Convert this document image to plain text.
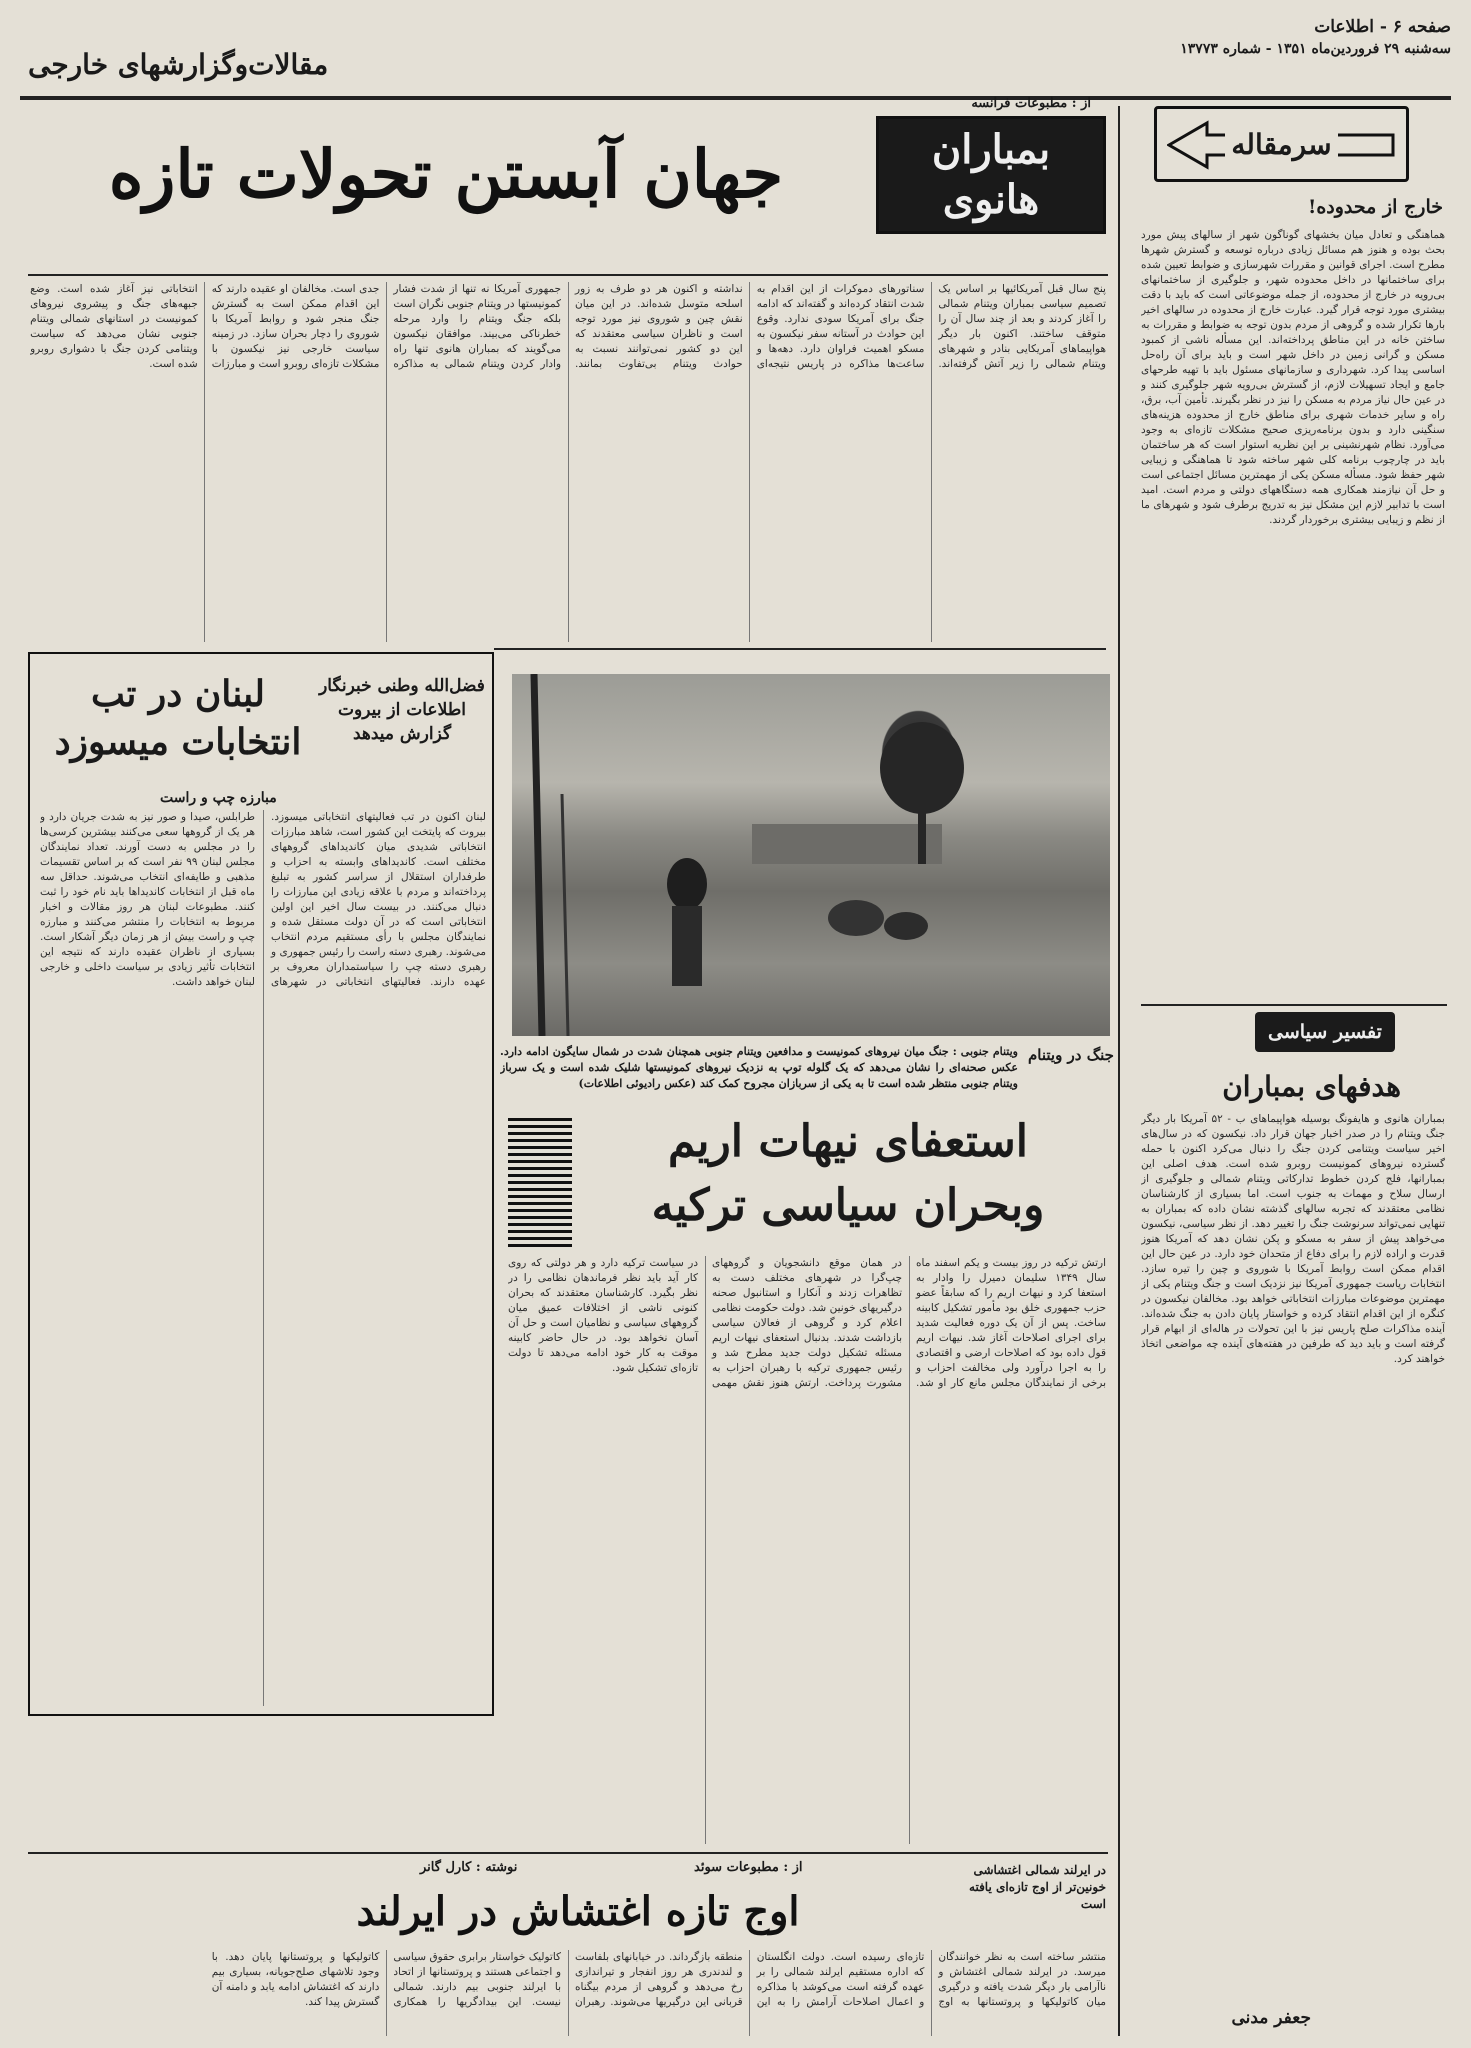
صفحه ۶ - اطلاعات
سه‌شنبه ۲۹ فروردین‌ماه ۱۳۵۱ - شماره ۱۳۷۷۳
مقالات‌وگزارشهای خارجی
سرمقاله
خارج از محدوده!
هماهنگی و تعادل میان بخشهای گوناگون شهر از سالهای پیش مورد بحث بوده و هنوز هم مسائل زیادی درباره توسعه و گسترش شهرها مطرح است. اجرای قوانین و مقررات شهرسازی و ضوابط تعیین شده برای ساختمانها در داخل محدوده شهر، و جلوگیری از ساختمانهای بی‌رویه در خارج از محدوده، از جمله موضوعاتی است که باید با دقت بیشتری مورد توجه قرار گیرد. عبارت خارج از محدوده در سالهای اخیر بارها تکرار شده و گروهی از مردم بدون توجه به ضوابط و مقررات به ساختن خانه در این مناطق پرداخته‌اند. این مسأله ناشی از کمبود مسکن و گرانی زمین در داخل شهر است و باید برای آن راه‌حل اساسی پیدا کرد. شهرداری و سازمانهای مسئول باید با تهیه طرحهای جامع و ایجاد تسهیلات لازم، از گسترش بی‌رویه شهر جلوگیری کنند و در عین حال نیاز مردم به مسکن را نیز در نظر بگیرند. تأمین آب، برق، راه و سایر خدمات شهری برای مناطق خارج از محدوده هزینه‌های سنگینی دارد و بدون برنامه‌ریزی صحیح مشکلات تازه‌ای به وجود می‌آورد. نظام شهرنشینی بر این نظریه استوار است که هر ساختمان باید در چارچوب برنامه کلی شهر ساخته شود تا هماهنگی و زیبایی شهر حفظ شود. مسأله مسکن یکی از مهمترین مسائل اجتماعی است و حل آن نیازمند همکاری همه دستگاههای دولتی و مردم است. امید است با تدابیر لازم این مشکل نیز به تدریج برطرف شود و شهرهای ما از نظم و زیبایی بیشتری برخوردار گردند.
تفسیر سیاسی
هدفهای بمباران
بمباران هانوی و هایفونگ بوسیله هواپیماهای ب - ۵۲ آمریکا بار دیگر جنگ ویتنام را در صدر اخبار جهان قرار داد. نیکسون که در سال‌های اخیر سیاست ویتنامی کردن جنگ را دنبال می‌کرد اکنون با حمله گسترده نیروهای کمونیست روبرو شده است. هدف اصلی این بمبارانها، فلج کردن خطوط تدارکاتی ویتنام شمالی و جلوگیری از ارسال سلاح و مهمات به جنوب است. اما بسیاری از کارشناسان نظامی معتقدند که تجربه سالهای گذشته نشان داده که بمباران به تنهایی نمی‌تواند سرنوشت جنگ را تغییر دهد. از نظر سیاسی، نیکسون می‌خواهد پیش از سفر به مسکو و پکن نشان دهد که آمریکا هنوز قدرت و اراده لازم را برای دفاع از متحدان خود دارد. در عین حال این اقدام ممکن است روابط آمریکا با شوروی و چین را تیره سازد. انتخابات ریاست جمهوری آمریکا نیز نزدیک است و جنگ ویتنام یکی از مهمترین موضوعات مبارزات انتخاباتی خواهد بود. مخالفان نیکسون در کنگره از این اقدام انتقاد کرده و خواستار پایان دادن به جنگ شده‌اند. آینده مذاکرات صلح پاریس نیز با این تحولات در هاله‌ای از ابهام قرار گرفته است و باید دید که طرفین در هفته‌های آینده چه مواضعی اتخاذ خواهند کرد.
جعفر مدنی
از : مطبوعات فرانسه
بمباران هانوی
جهان آبستن تحولات تازه
پنج سال قبل آمریکائیها بر اساس یک تصمیم سیاسی بمباران ویتنام شمالی را آغاز کردند و بعد از چند سال آن را متوقف ساختند. اکنون بار دیگر هواپیماهای آمریکایی بنادر و شهرهای ویتنام شمالی را زیر آتش گرفته‌اند. سناتورهای دموکرات از این اقدام به شدت انتقاد کرده‌اند و گفته‌اند که ادامه جنگ برای آمریکا سودی ندارد. وقوع این حوادث در آستانه سفر نیکسون به مسکو اهمیت فراوان دارد. دهه‌ها و ساعت‌ها مذاکره در پاریس نتیجه‌ای نداشته و اکنون هر دو طرف به زور اسلحه متوسل شده‌اند. در این میان نقش چین و شوروی نیز مورد توجه است و ناظران سیاسی معتقدند که این دو کشور نمی‌توانند نسبت به حوادث ویتنام بی‌تفاوت بمانند. جمهوری آمریکا نه تنها از شدت فشار کمونیستها در ویتنام جنوبی نگران است بلکه جنگ ویتنام را وارد مرحله خطرناکی می‌بیند. موافقان نیکسون می‌گویند که بمباران هانوی تنها راه وادار کردن ویتنام شمالی به مذاکره جدی است. مخالفان او عقیده دارند که این اقدام ممکن است به گسترش جنگ منجر شود و روابط آمریکا با شوروی را دچار بحران سازد. در زمینه سیاست خارجی نیز نیکسون با مشکلات تازه‌ای روبرو است و مبارزات انتخاباتی نیز آغاز شده است. وضع جبهه‌های جنگ و پیشروی نیروهای کمونیست در استانهای شمالی ویتنام جنوبی نشان می‌دهد که سیاست ویتنامی کردن جنگ با دشواری روبرو شده است.
جنگ در ویتنام
ویتنام جنوبی : جنگ میان نیروهای کمونیست و مدافعین ویتنام جنوبی همچنان شدت در شمال سایگون ادامه دارد. عکس صحنه‌ای را نشان می‌دهد که یک گلوله توپ به نزدیک نیروهای کمونیستها شلیک شده است و یک سرباز ویتنام جنوبی منتظر شده است تا به یکی از سربازان مجروح کمک کند (عکس رادیوئی اطلاعات)
فضل‌الله وطنی خبرنگار اطلاعات از بیروت گزارش میدهد
لبنان در تب
انتخابات میسوزد
مبارزه چپ و راست
لبنان اکنون در تب فعالیتهای انتخاباتی میسوزد. بیروت که پایتخت این کشور است، شاهد مبارزات انتخاباتی شدیدی میان کاندیداهای گروههای مختلف است. کاندیداهای وابسته به احزاب و طرفداران استقلال از سراسر کشور به تبلیغ پرداخته‌اند و مردم با علاقه زیادی این مبارزات را دنبال می‌کنند. در بیست سال اخیر این اولین انتخاباتی است که در آن دولت مستقل شده و نمایندگان مجلس با رأی مستقیم مردم انتخاب می‌شوند. رهبری دسته راست را رئیس جمهوری و رهبری دسته چپ را سیاستمداران معروف بر عهده دارند. فعالیتهای انتخاباتی در شهرهای طرابلس، صیدا و صور نیز به شدت جریان دارد و هر یک از گروهها سعی می‌کنند بیشترین کرسی‌ها را در مجلس به دست آورند. تعداد نمایندگان مجلس لبنان ۹۹ نفر است که بر اساس تقسیمات مذهبی و طایفه‌ای انتخاب می‌شوند. حداقل سه ماه قبل از انتخابات کاندیداها باید نام خود را ثبت کنند. مطبوعات لبنان هر روز مقالات و اخبار مربوط به انتخابات را منتشر می‌کنند و مبارزه چپ و راست بیش از هر زمان دیگر آشکار است. بسیاری از ناظران عقیده دارند که نتیجه این انتخابات تأثیر زیادی بر سیاست داخلی و خارجی لبنان خواهد داشت.
استعفای نیهات اریم
وبحران سیاسی ترکیه
ارتش ترکیه در روز بیست و یکم اسفند ماه سال ۱۳۴۹ سلیمان دمیرل را وادار به استعفا کرد و نیهات اریم را که سابقاً عضو حزب جمهوری خلق بود مأمور تشکیل کابینه ساخت. پس از آن یک دوره فعالیت شدید برای اجرای اصلاحات آغاز شد. نیهات اریم قول داده بود که اصلاحات ارضی و اقتصادی را به اجرا درآورد ولی مخالفت احزاب و برخی از نمایندگان مجلس مانع کار او شد. در همان موقع دانشجویان و گروههای چپ‌گرا در شهرهای مختلف دست به تظاهرات زدند و آنکارا و استانبول صحنه درگیریهای خونین شد. دولت حکومت نظامی اعلام کرد و گروهی از فعالان سیاسی بازداشت شدند. بدنبال استعفای نیهات اریم مسئله تشکیل دولت جدید مطرح شد و رئیس جمهوری ترکیه با رهبران احزاب به مشورت پرداخت. ارتش هنوز نقش مهمی در سیاست ترکیه دارد و هر دولتی که روی کار آید باید نظر فرماندهان نظامی را در نظر بگیرد. کارشناسان معتقدند که بحران کنونی ناشی از اختلافات عمیق میان گروههای سیاسی و نظامیان است و حل آن آسان نخواهد بود. در حال حاضر کابینه موقت به کار خود ادامه می‌دهد تا دولت تازه‌ای تشکیل شود.
از : مطبوعات سوئد
نوشته : کارل گانر
اوج تازه اغتشاش در ایرلند
در ایرلند شمالی اغتشاشی خونین‌تر از اوج تازه‌ای یافته است
منتشر ساخته است به نظر خوانندگان میرسد. در ایرلند شمالی اغتشاش و ناآرامی بار دیگر شدت یافته و درگیری میان کاتولیکها و پروتستانها به اوج تازه‌ای رسیده است. دولت انگلستان که اداره مستقیم ایرلند شمالی را بر عهده گرفته است می‌کوشد با مذاکره و اعمال اصلاحات آرامش را به این منطقه بازگرداند. در خیابانهای بلفاست و لندندری هر روز انفجار و تیراندازی رخ می‌دهد و گروهی از مردم بیگناه قربانی این درگیریها می‌شوند. رهبران کاتولیک خواستار برابری حقوق سیاسی و اجتماعی هستند و پروتستانها از اتحاد با ایرلند جنوبی بیم دارند. شمالی نیست. این بیدادگریها را همکاری کاتولیکها و پروتستانها پایان دهد. با وجود تلاشهای صلح‌جویانه، بسیاری بیم دارند که اغتشاش ادامه یابد و دامنه آن گسترش پیدا کند.
